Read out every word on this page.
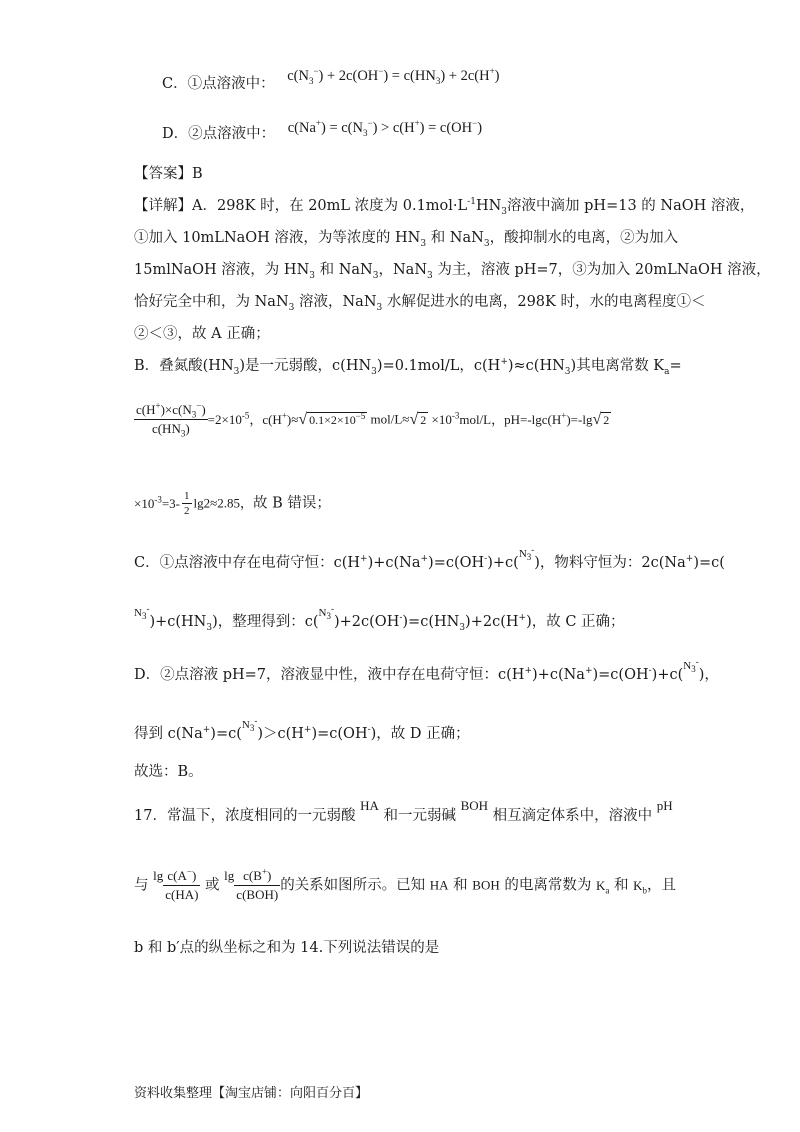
C．①点溶液中： $c(N_3^-) + 2c(OH^-) = c(HN_3) + 2c(H^+)$
D．②点溶液中： $c(Na^+) = c(N_3^-) > c(H^+) = c(OH^-)$
【答案】B
【详解】A．298K 时，在 20mL 浓度为 $0.1mol\cdot L^{-1}HN_3$溶液中滴加 pH=13 的 NaOH 溶液，
①加入 10mLNaOH 溶液，为等浓度的 $HN_3$ 和 NaN$_3$，酸抑制水的电离，②为加入
15mlNaOH 溶液，为 $HN_3$ 和 NaN$_3$，NaN$_3$ 为主，溶液 pH=7，③为加入 20mLNaOH 溶液，
恰好完全中和，为 NaN$_3$ 溶液，NaN$_3$ 水解促进水的电离，298K 时，水的电离程度①＜
②＜③，故 A 正确；
B．叠氮酸$(HN_3)$是一元弱酸，$c(HN_3)=0.1mol/L$，$c(H^+)\approx c(HN_3)$其电离常数 $K_a=$
$\frac{c(H^+)\times c(N_3^-)}{c(HN_3)} =2\times 10^{-5}$，c(H+)≈√ $0.1\times 2\times 10^{-5}$ mol/L≈√ $2 \times 10^{-3}mol/L$，pH=-lgc(H+)=-lg√ 2
$\times 10^{-3}=3- \frac{1}{2} \lg 2\approx 2.85$，故 B 错误；
C．①点溶液中存在电荷守恒：$c(H^+)+c(Na^+)=c(OH^-)+c(N_3^-)$，物料守恒为：2c(Na+)=c(
$N_3^-)+c(HN_3)$，整理得到：$c(N_3^-)+2c(OH^-)=c(HN_3)+2c(H^+)$，故 C 正确；
D．②点溶液 pH=7，溶液显中性，液中存在电荷守恒：$c(H^+)+c(Na^+)=c(OH^-)+c(N_3^-)$，
得到 $c(Na^+)=c(N_3^-)>c(H^+)=c(OH^-)$，故 D 正确；
故选：B。
17．常温下，浓度相同的一元弱酸 HA 和一元弱碱 BOH 相互滴定体系中，溶液中 pH
与 $\lg \frac{c(A^-)}{c(HA)}$ 或 $\lg \frac{c(B^+)}{\text{c(BOH)}}$ 的关系如图所示。已知 HA 和 BOH 的电离常数为 $K_a$ 和 $K_b$，且
b 和 b′点的纵坐标之和为 14.下列说法错误的是
资料收集整理【淘宝店铺：向阳百分百】
